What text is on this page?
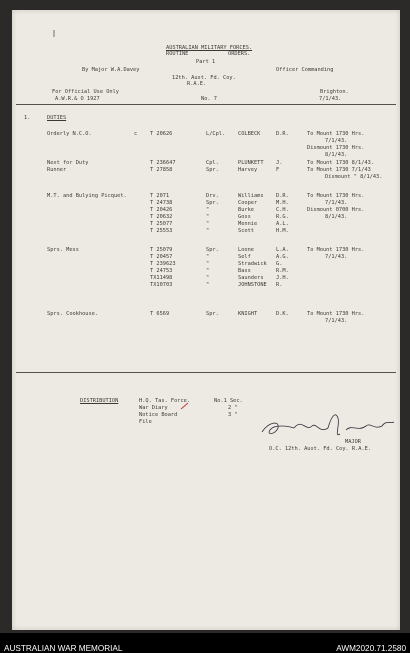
AUSTRALIAN MILITARY FORCES.
ROUTINE	ORDERS.
Part 1
By Major W.A.Davey	Officer Commanding
12th. Aust. Fd. Coy.
R.A.E.
For Official Use Only	Brighton.
A.W.R.& O 1927	No. 7	7/1/43.
1.	DUTIES
Orderly N.C.O.	c T 20626	L/Cpl. COLBECK	D.R.	To Mount 1730 Hrs.
7/1/43.
Dismount 1730 Hrs.
8/1/43.
Next for Duty	T 236647	Cpl.	PLUNKETT J.	To Mount 1730 8/1/43.
Runner	T 27858	Spr.	Harvey	F	To Mount 1730 7/1/43
Dismount " 8/1/43.
M.T. and Bulying Picquet.	T 2071	Drv.	Williams D.R.	To Mount 1730 Hrs.
7/1/43.
T 24738	Spr.	Cooper	M.H.
T 20426	"	Burke	C.H.	Dismount 0700 Hrs.
8/1/43.
T 20632	"	Goss	R.G.
T 25077	"	Mennie	A.L.
T 25553	"	Scott	H.M.
Sprs. Mess	T 25079	Spr.	Loone	L.A.	To Mount 1730 Hrs.
7/1/43.
T 20457	"	Self	A.G.
T 239623	"	Stradwick G.
T 24753	"	Bass	R.M.
TX11498	"	Saunders J.H.
TX10703	"	JOHNSTONE R.
Sprs. Cookhouse.	T 6569	Spr.	KNIGHT	D.K.	To Mount 1730 Hrs.
7/1/43.
DISTRIBUTION	H.Q. Tas. Force.	No.1 Sec.
War Diary	2 "
Notice Board	3 "
File
MAJOR
O.C. 12th. Aust. Fd. Coy. R.A.E.
AUSTRALIAN WAR MEMORIAL	AWM2020.71.2580
